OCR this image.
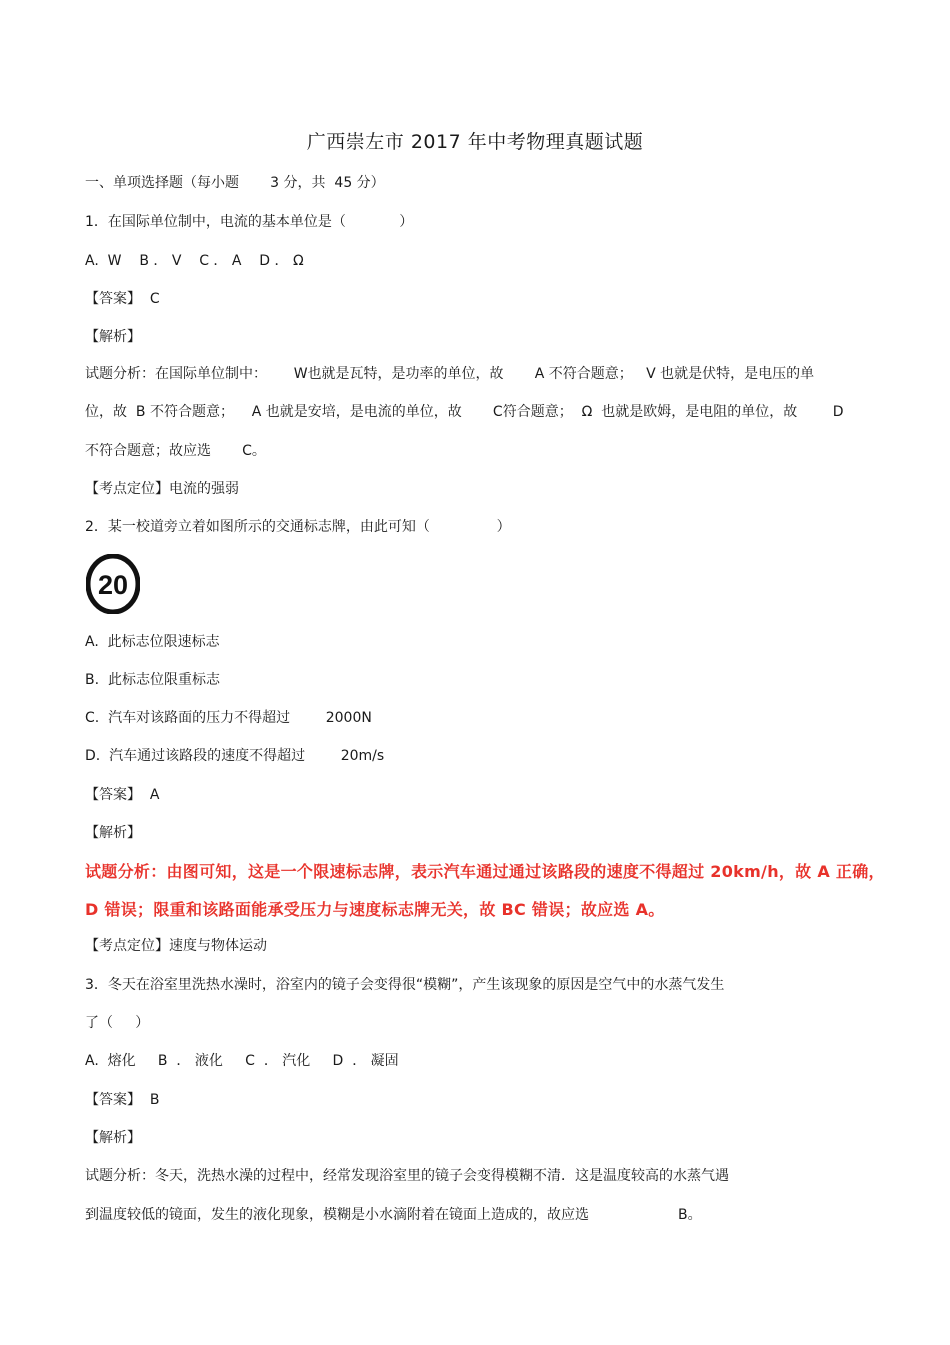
广西崇左市 2017 年中考物理真题试题
一、单项选择题（每小题       3 分，共  45 分）
1．在国际单位制中，电流的基本单位是（            ）
A.  W    B ． V    C ． A    D ． Ω
【答案】  C
【解析】
试题分析：在国际单位制中：      W也就是瓦特，是功率的单位，故       A 不符合题意；   V 也就是伏特，是电压的单
位，故  B 不符合题意；    A 也就是安培，是电流的单位，故       C符合题意；  Ω  也就是欧姆，是电阻的单位，故        D
不符合题意；故应选       C。
【考点定位】电流的强弱
2．某一校道旁立着如图所示的交通标志牌，由此可知（               ）
20
A.  此标志位限速标志
B.  此标志位限重标志
C.  汽车对该路面的压力不得超过        2000N
D.  汽车通过该路段的速度不得超过        20m/s
【答案】  A
【解析】
试题分析：由图可知，这是一个限速标志牌，表示汽车通过通过该路段的速度不得超过 20km/h，故 A 正确，
D 错误；限重和该路面能承受压力与速度标志牌无关，故 BC 错误；故应选 A。
【考点定位】速度与物体运动
3．冬天在浴室里洗热水澡时，浴室内的镜子会变得很“模糊”，产生该现象的原因是空气中的水蒸气发生
了（     ）
A.  熔化     B  ． 液化     C  ． 汽化     D  ． 凝固
【答案】  B
【解析】
试题分析：冬天，洗热水澡的过程中，经常发现浴室里的镜子会变得模糊不清．这是温度较高的水蒸气遇
到温度较低的镜面，发生的液化现象，模糊是小水滴附着在镜面上造成的，故应选                    B。
